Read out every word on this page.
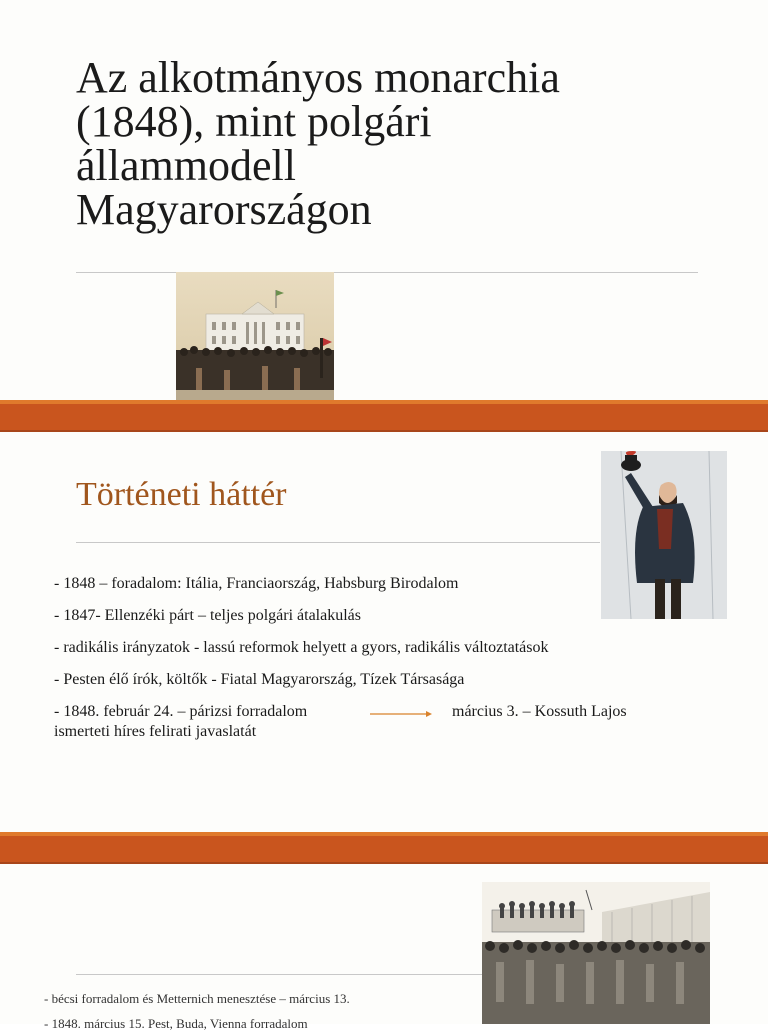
Az alkotmányos monarchia
(1848), mint polgári
állammodell
Magyarországon
Történeti háttér
- 1848 – foradalom: Itália, Franciaország, Habsburg Birodalom
- 1847- Ellenzéki párt – teljes polgári átalakulás
- radikális irányzatok - lassú reformok helyett a gyors, radikális változtatások
- Pesten élő írók, költők - Fiatal Magyarország, Tízek Társasága
- 1848. február 24. – párizsi forradalom	március 3. – Kossuth Lajos
ismerteti híres felirati javaslatát
- bécsi forradalom és Metternich menesztése – március 13.
- 1848. március 15. Pest, Buda, Vienna forradalom
